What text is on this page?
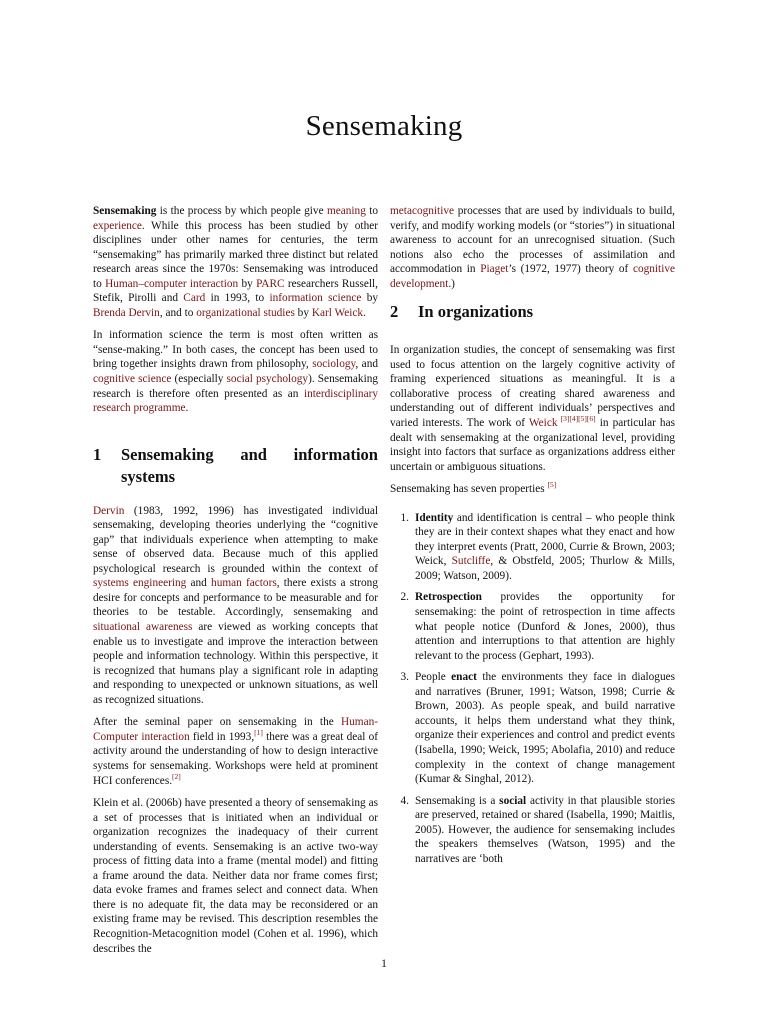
Sensemaking

Sensemaking is the process by which people give meaning to experience. While this process has been studied by other disciplines under other names for centuries, the term “sensemaking” has primarily marked three distinct but related research areas since the 1970s: Sensemaking was introduced to Human–computer interaction by PARC researchers Russell, Stefik, Pirolli and Card in 1993, to information science by Brenda Dervin, and to organizational studies by Karl Weick.

In information science the term is most often written as “sense-making.” In both cases, the concept has been used to bring together insights drawn from philosophy, sociology, and cognitive science (especially social psychology). Sensemaking research is therefore often presented as an interdisciplinary research programme.

1	Sensemaking and information systems

Dervin (1983, 1992, 1996) has investigated individual sensemaking, developing theories underlying the “cognitive gap” that individuals experience when attempting to make sense of observed data. Because much of this applied psychological research is grounded within the context of systems engineering and human factors, there exists a strong desire for concepts and performance to be measurable and for theories to be testable. Accordingly, sensemaking and situational awareness are viewed as working concepts that enable us to investigate and improve the interaction between people and information technology. Within this perspective, it is recognized that humans play a significant role in adapting and responding to unexpected or unknown situations, as well as recognized situations.

After the seminal paper on sensemaking in the Human-Computer interaction field in 1993,[1] there was a great deal of activity around the understanding of how to design interactive systems for sensemaking. Workshops were held at prominent HCI conferences.[2]

Klein et al. (2006b) have presented a theory of sensemaking as a set of processes that is initiated when an individual or organization recognizes the inadequacy of their current understanding of events. Sensemaking is an active two-way process of fitting data into a frame (mental model) and fitting a frame around the data. Neither data nor frame comes first; data evoke frames and frames select and connect data. When there is no adequate fit, the data may be reconsidered or an existing frame may be revised. This description resembles the Recognition-Metacognition model (Cohen et al. 1996), which describes the

metacognitive processes that are used by individuals to build, verify, and modify working models (or “stories”) in situational awareness to account for an unrecognised situation. (Such notions also echo the processes of assimilation and accommodation in Piaget’s (1972, 1977) theory of cognitive development.)

2	In organizations

In organization studies, the concept of sensemaking was first used to focus attention on the largely cognitive activity of framing experienced situations as meaningful. It is a collaborative process of creating shared awareness and understanding out of different individuals’ perspectives and varied interests. The work of Weick [3][4][5][6] in particular has dealt with sensemaking at the organizational level, providing insight into factors that surface as organizations address either uncertain or ambiguous situations.

Sensemaking has seven properties [5]

1. Identity and identification is central – who people think they are in their context shapes what they enact and how they interpret events (Pratt, 2000, Currie & Brown, 2003; Weick, Sutcliffe, & Obstfeld, 2005; Thurlow & Mills, 2009; Watson, 2009).
2. Retrospection provides the opportunity for sensemaking: the point of retrospection in time affects what people notice (Dunford & Jones, 2000), thus attention and interruptions to that attention are highly relevant to the process (Gephart, 1993).
3. People enact the environments they face in dialogues and narratives (Bruner, 1991; Watson, 1998; Currie & Brown, 2003). As people speak, and build narrative accounts, it helps them understand what they think, organize their experiences and control and predict events (Isabella, 1990; Weick, 1995; Abolafia, 2010) and reduce complexity in the context of change management (Kumar & Singhal, 2012).
4. Sensemaking is a social activity in that plausible stories are preserved, retained or shared (Isabella, 1990; Maitlis, 2005). However, the audience for sensemaking includes the speakers themselves (Watson, 1995) and the narratives are ‘both
1
